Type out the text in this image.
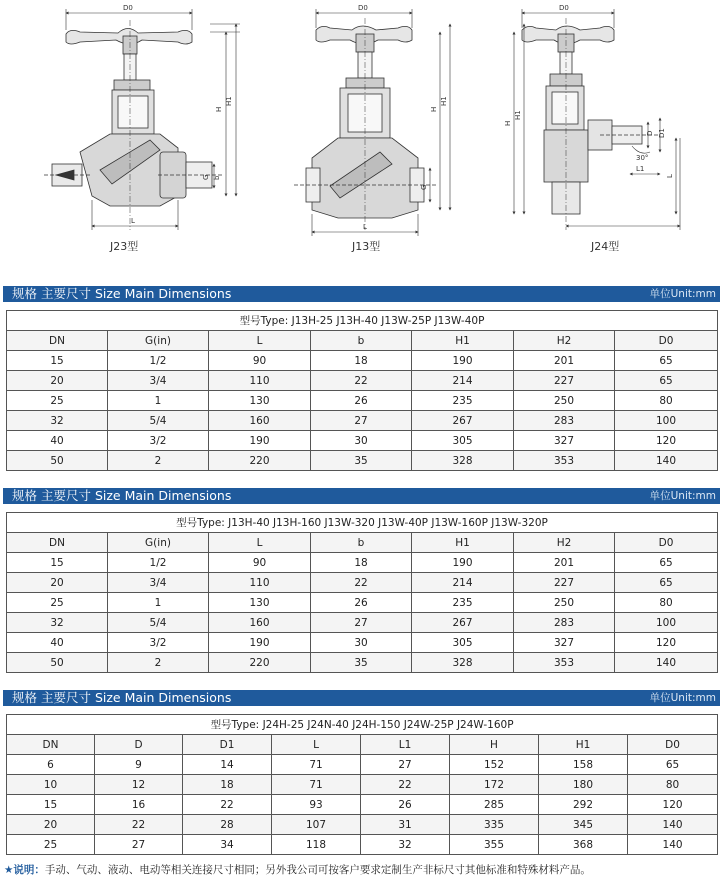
D0
H
H1
G b
L
D0
H
H1
G
L
D0
H
H1
D D1
L1
L
30°
J23型	J13型	J24型
规格 主要尺寸 Size Main Dimensions	单位Unit:mm
型号Type: J13H-25 J13H-40 J13W-25P J13W-40P						
DN	G(in)	L	b	H1	H2	D0
15	1/2	90	18	190	201	65
20	3/4	110	22	214	227	65
25	1	130	26	235	250	80
32	5/4	160	27	267	283	100
40	3/2	190	30	305	327	120
50	2	220	35	328	353	140
规格 主要尺寸 Size Main Dimensions	单位Unit:mm
型号Type: J13H-40 J13H-160 J13W-320 J13W-40P J13W-160P J13W-320P						
DN	G(in)	L	b	H1	H2	D0
15	1/2	90	18	190	201	65
20	3/4	110	22	214	227	65
25	1	130	26	235	250	80
32	5/4	160	27	267	283	100
40	3/2	190	30	305	327	120
50	2	220	35	328	353	140
规格 主要尺寸 Size Main Dimensions	单位Unit:mm
型号Type: J24H-25 J24N-40 J24H-150 J24W-25P J24W-160P							
DN	D	D1	L	L1	H	H1	D0
6	9	14	71	27	152	158	65
10	12	18	71	22	172	180	80
15	16	22	93	26	285	292	120
20	22	28	107	31	335	345	140
25	27	34	118	32	355	368	140
★说明：手动、气动、液动、电动等相关连接尺寸相同；另外我公司可按客户要求定制生产非标尺寸其他标准和特殊材料产品。
